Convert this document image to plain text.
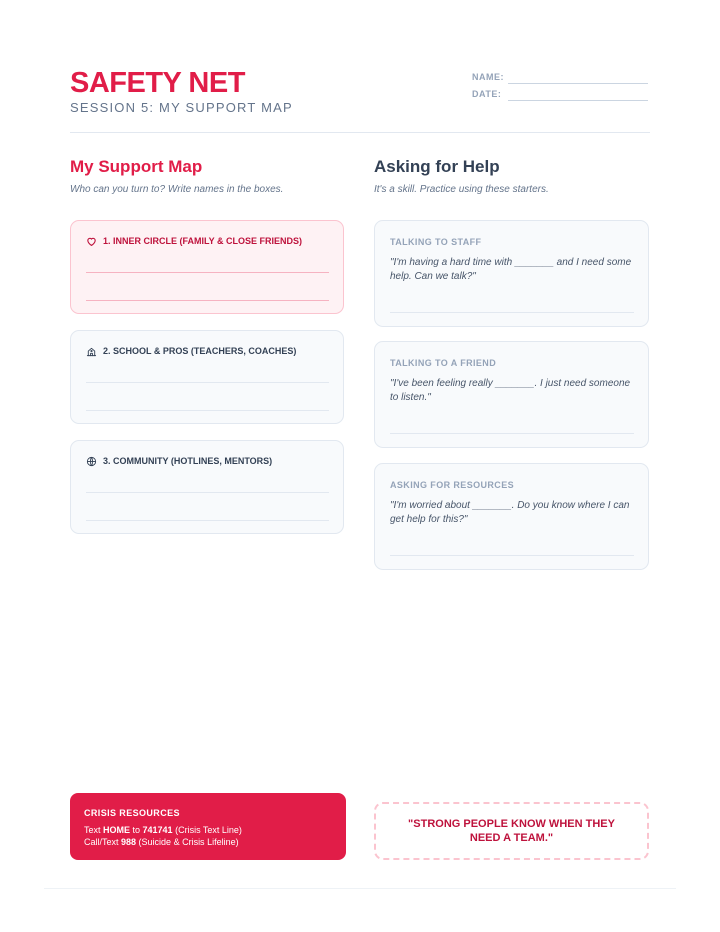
SAFETY NET
SESSION 5: MY SUPPORT MAP
NAME:
DATE:
My Support Map
Who can you turn to? Write names in the boxes.
1. INNER CIRCLE (FAMILY & CLOSE FRIENDS)
2. SCHOOL & PROS (TEACHERS, COACHES)
3. COMMUNITY (HOTLINES, MENTORS)
Asking for Help
It's a skill. Practice using these starters.
TALKING TO STAFF
"I'm having a hard time with _______ and I need some help. Can we talk?"
TALKING TO A FRIEND
"I've been feeling really _______. I just need someone to listen."
ASKING FOR RESOURCES
"I'm worried about _______. Do you know where I can get help for this?"
CRISIS RESOURCES
Text HOME to 741741 (Crisis Text Line)
Call/Text 988 (Suicide & Crisis Lifeline)
"STRONG PEOPLE KNOW WHEN THEY NEED A TEAM."
